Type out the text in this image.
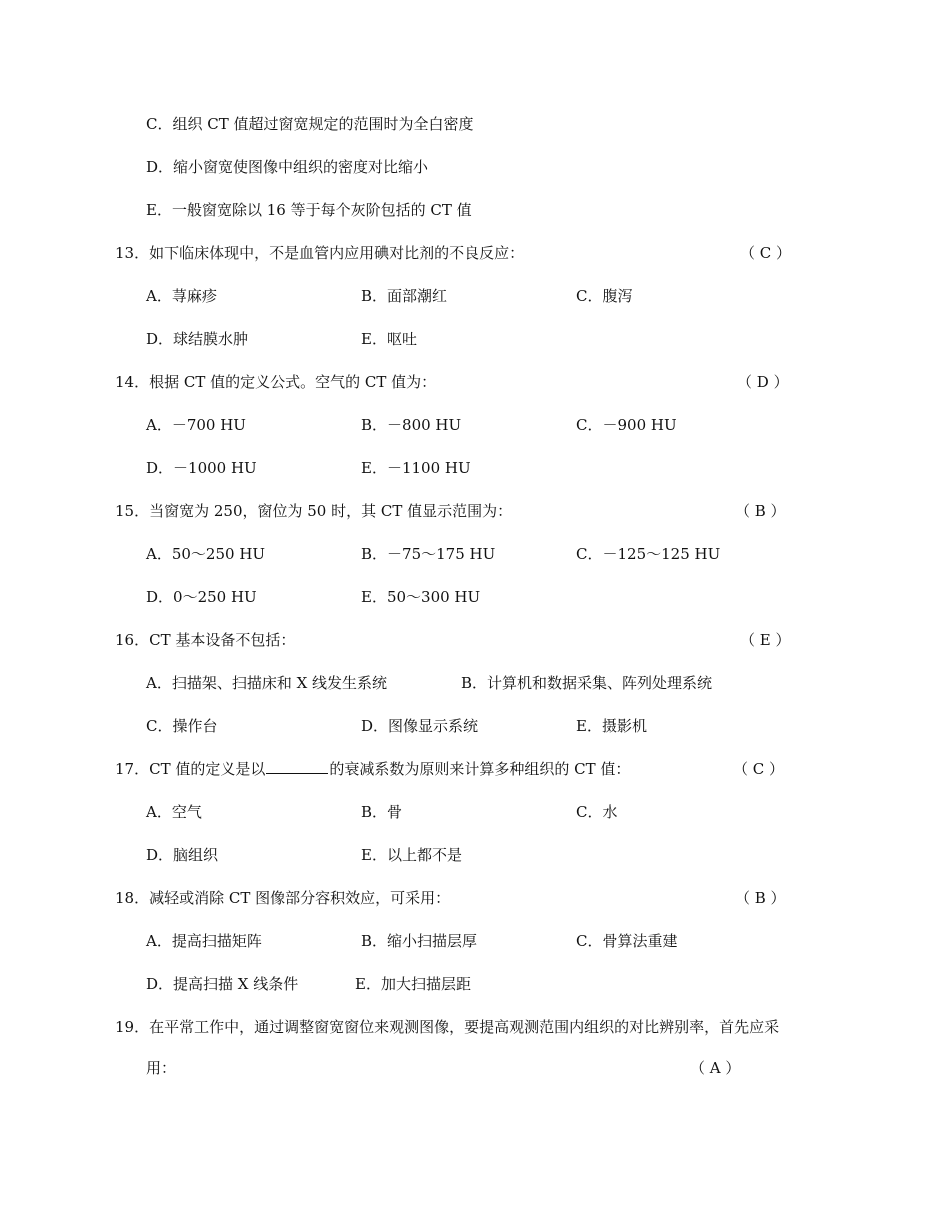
C．组织 CT 值超过窗宽规定的范围时为全白密度
D．缩小窗宽使图像中组织的密度对比缩小
E．一般窗宽除以 16 等于每个灰阶包括的 CT 值
13．如下临床体现中，不是血管内应用碘对比剂的不良反应：	（ C ）
A．荨麻疹	B．面部潮红	C．腹泻
D．球结膜水肿	E．呕吐
14．根据 CT 值的定义公式。空气的 CT 值为：	（ D ）
A．－700 HU	B．－800 HU	C．－900 HU
D．－1000 HU	E．－1100 HU
15．当窗宽为 250，窗位为 50 时，其 CT 值显示范围为：	（ B ）
A．50～250 HU	B．－75～175 HU	C．－125～125 HU
D．0～250 HU	E．50～300 HU
16．CT 基本设备不包括：	（ E ）
A．扫描架、扫描床和 X 线发生系统	B．计算机和数据采集、阵列处理系统
C．操作台	D．图像显示系统	E．摄影机
17．CT 值的定义是以	的衰减系数为原则来计算多种组织的 CT 值：	（ C ）
A．空气	B．骨	C．水
D．脑组织	E．以上都不是
18．减轻或消除 CT 图像部分容积效应，可采用：	（ B ）
A．提高扫描矩阵	B．缩小扫描层厚	C．骨算法重建
D．提高扫描 X 线条件	E．加大扫描层距
19．在平常工作中，通过调整窗宽窗位来观测图像，要提高观测范围内组织的对比辨别率，首先应采
用：	（ A ）
